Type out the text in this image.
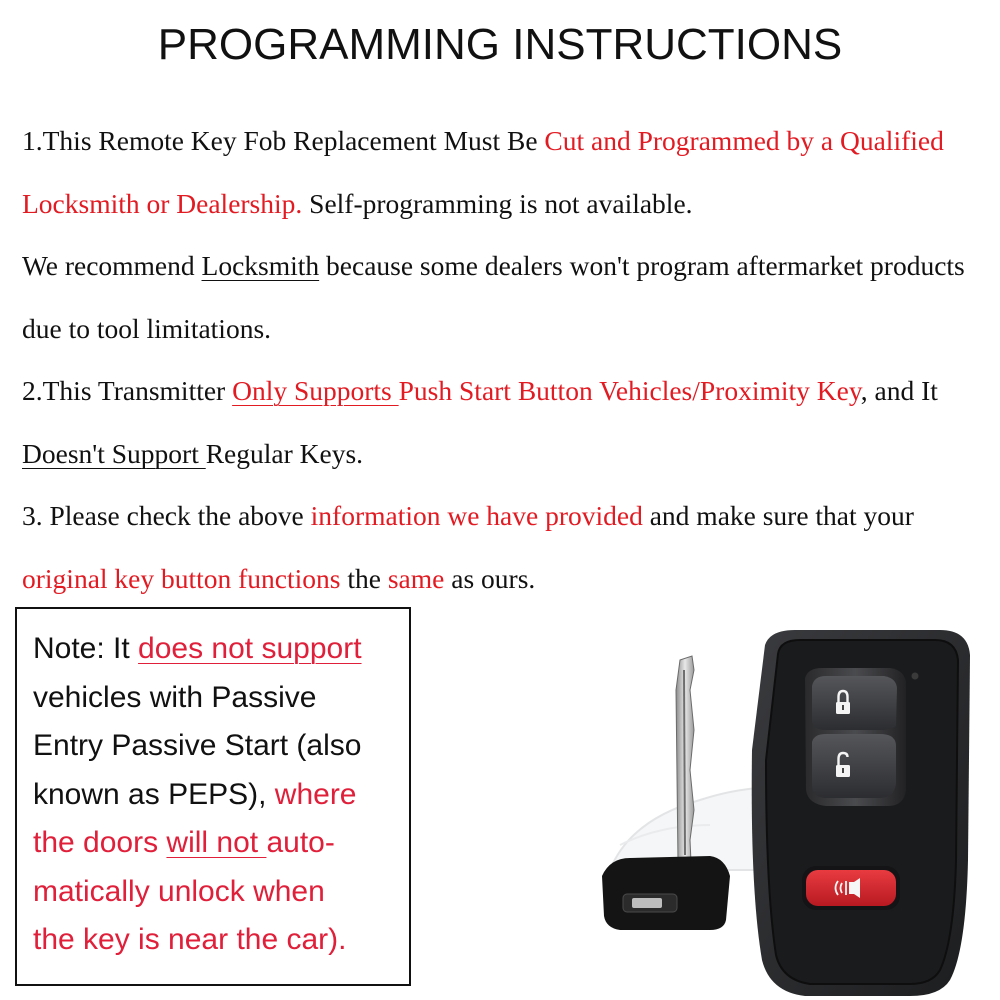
PROGRAMMING INSTRUCTIONS
1.This Remote Key Fob Replacement Must Be Cut and Programmed by a Qualified
Locksmith or Dealership. Self-programming is not available.
We recommend Locksmith because some dealers won't program aftermarket products
due to tool limitations.
2.This Transmitter Only Supports Push Start Button Vehicles/Proximity Key, and It
Doesn't Support Regular Keys.
3. Please check the above information we have provided and make sure that your
original key button functions the same as ours.
Note: It does not support
vehicles with Passive
Entry Passive Start (also
known as PEPS), where
the doors will not auto-
matically unlock when
the key is near the car).
